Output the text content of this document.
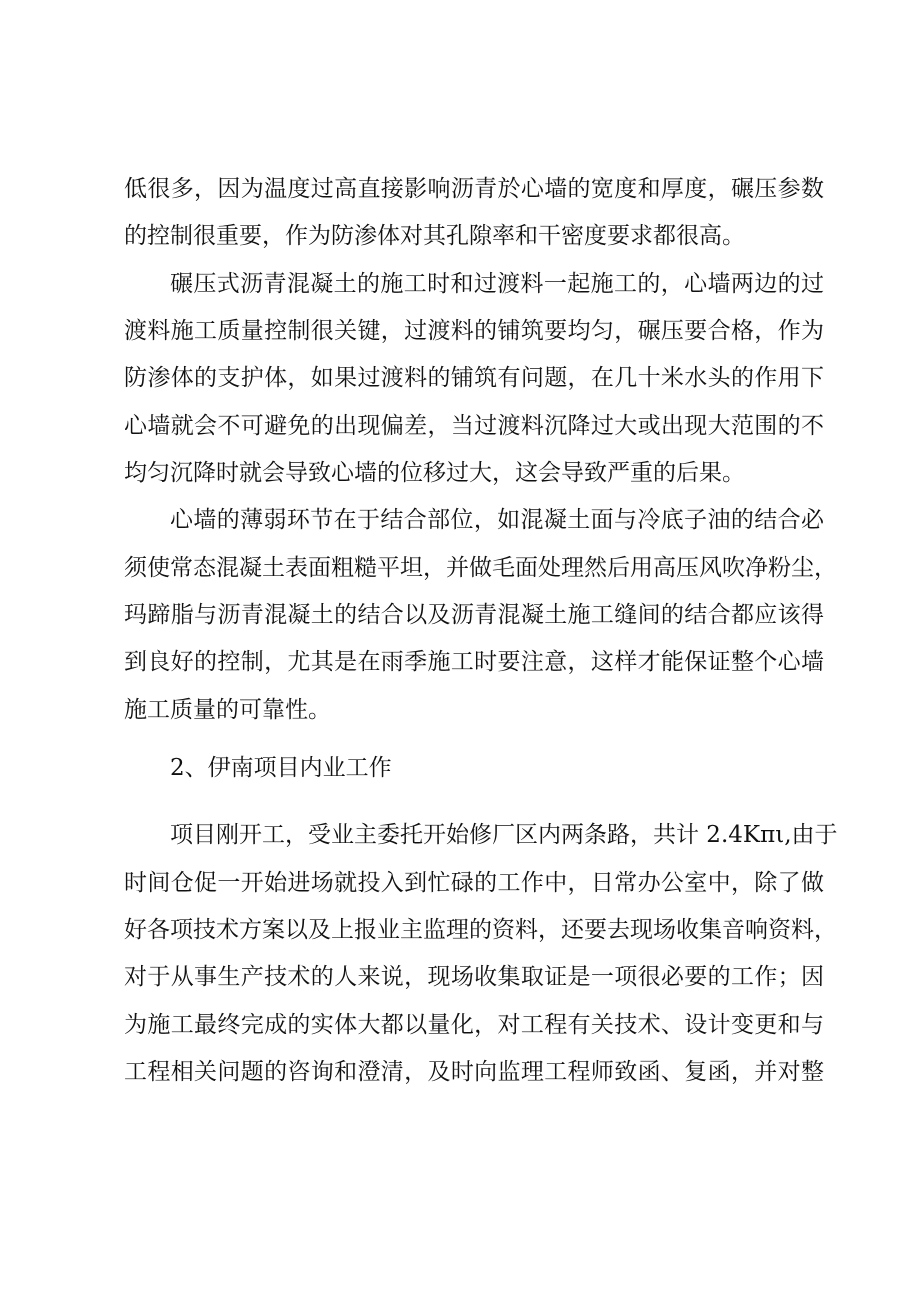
低很多，因为温度过高直接影响沥青於心墙的宽度和厚度，碾压参数

的控制很重要，作为防渗体对其孔隙率和干密度要求都很高。

碾压式沥青混凝土的施工时和过渡料一起施工的，心墙两边的过

渡料施工质量控制很关键，过渡料的铺筑要均匀，碾压要合格，作为

防渗体的支护体，如果过渡料的铺筑有问题，在几十米水头的作用下

心墙就会不可避免的出现偏差，当过渡料沉降过大或出现大范围的不

均匀沉降时就会导致心墙的位移过大，这会导致严重的后果。

心墙的薄弱环节在于结合部位，如混凝土面与冷底子油的结合必

须使常态混凝土表面粗糙平坦，并做毛面处理然后用高压风吹净粉尘，

玛蹄脂与沥青混凝土的结合以及沥青混凝土施工缝间的结合都应该得

到良好的控制，尤其是在雨季施工时要注意，这样才能保证整个心墙

施工质量的可靠性。

2、伊南项目内业工作

项目刚开工，受业主委托开始修厂区内两条路，共计 2.4Kπι,由于

时间仓促一开始进场就投入到忙碌的工作中，日常办公室中，除了做

好各项技术方案以及上报业主监理的资料，还要去现场收集音响资料，

对于从事生产技术的人来说，现场收集取证是一项很必要的工作；因

为施工最终完成的实体大都以量化，对工程有关技术、设计变更和与

工程相关问题的咨询和澄清，及时向监理工程师致函、复函，并对整
